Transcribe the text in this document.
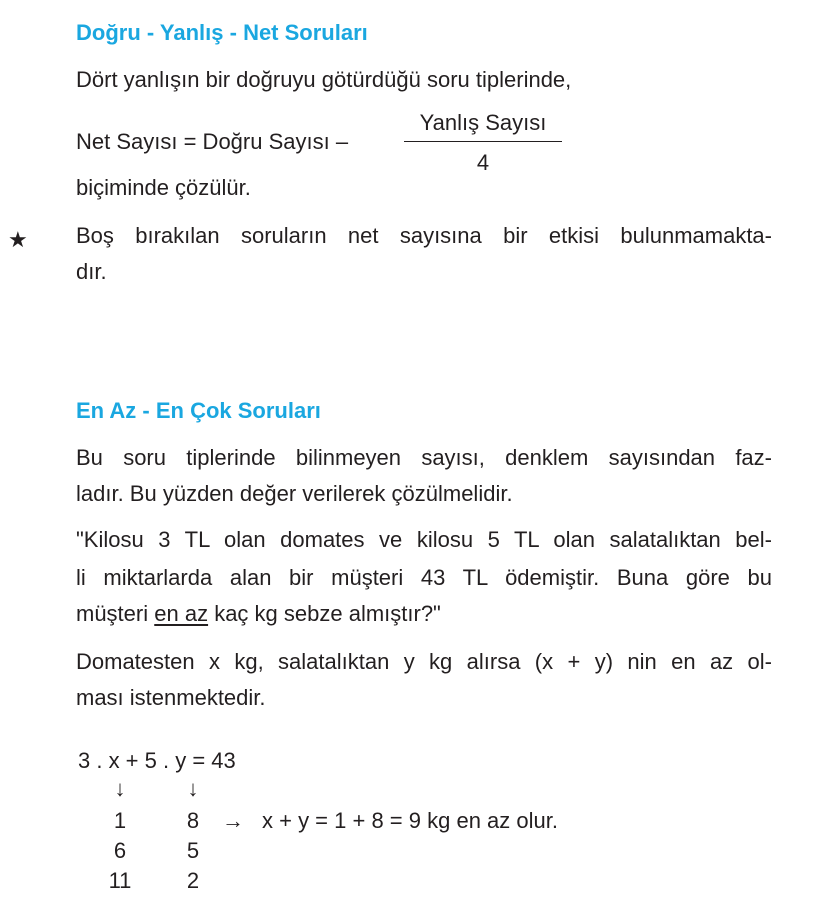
Doğru - Yanlış - Net Soruları
Dört yanlışın bir doğruyu götürdüğü soru tiplerinde,
Net Sayısı = Doğru Sayısı –
Yanlış Sayısı
4
biçiminde çözülür.
★ Boş bırakılan soruların net sayısına bir etkisi bulunmamakta-
dır.
En Az - En Çok Soruları
Bu soru tiplerinde bilinmeyen sayısı, denklem sayısından faz-
ladır. Bu yüzden değer verilerek çözülmelidir.
"Kilosu 3 TL olan domates ve kilosu 5 TL olan salatalıktan bel-
li miktarlarda alan bir müşteri 43 TL ödemiştir. Buna göre bu
müşteri en az kaç kg sebze almıştır?"
Domatesten x kg, salatalıktan y kg alırsa (x + y) nin en az ol-
ması istenmektedir.
3 . x + 5 . y = 43
↓	↓
1	8	→ x + y = 1 + 8 = 9 kg en az olur.
6	5
11	2
